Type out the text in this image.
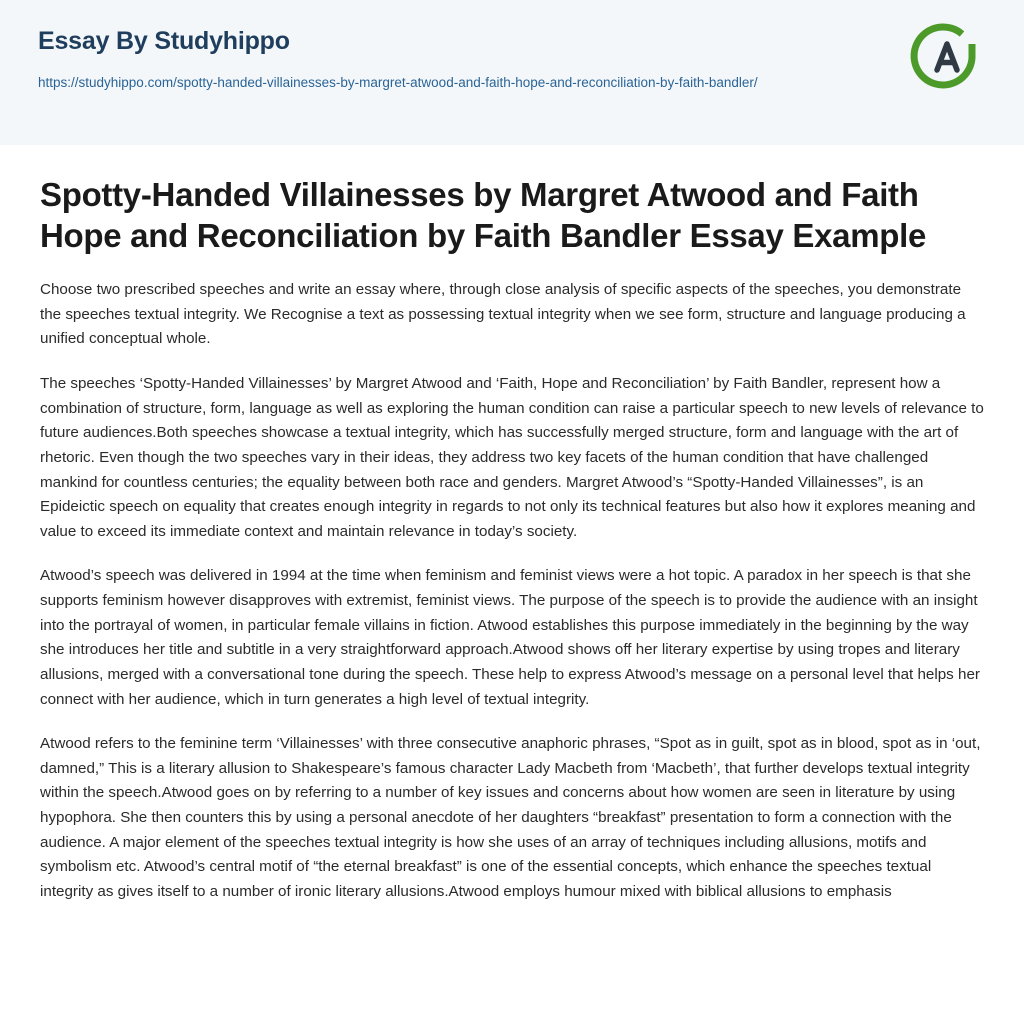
Essay By Studyhippo
https://studyhippo.com/spotty-handed-villainesses-by-margret-atwood-and-faith-hope-and-reconciliation-by-faith-bandler/
Spotty-Handed Villainesses by Margret Atwood and Faith Hope and Reconciliation by Faith Bandler Essay Example

Choose two prescribed speeches and write an essay where, through close analysis of specific aspects of the speeches, you demonstrate the speeches textual integrity. We Recognise a text as possessing textual integrity when we see form, structure and language producing a unified conceptual whole.

The speeches ‘Spotty-Handed Villainesses’ by Margret Atwood and ‘Faith, Hope and Reconciliation’ by Faith Bandler, represent how a combination of structure, form, language as well as exploring the human condition can raise a particular speech to new levels of relevance to future audiences.Both speeches showcase a textual integrity, which has successfully merged structure, form and language with the art of rhetoric. Even though the two speeches vary in their ideas, they address two key facets of the human condition that have challenged mankind for countless centuries; the equality between both race and genders. Margret Atwood’s “Spotty-Handed Villainesses”, is an Epideictic speech on equality that creates enough integrity in regards to not only its technical features but also how it explores meaning and value to exceed its immediate context and maintain relevance in today’s society.

Atwood’s speech was delivered in 1994 at the time when feminism and feminist views were a hot topic. A paradox in her speech is that she supports feminism however disapproves with extremist, feminist views. The purpose of the speech is to provide the audience with an insight into the portrayal of women, in particular female villains in fiction. Atwood establishes this purpose immediately in the beginning by the way she introduces her title and subtitle in a very straightforward approach.Atwood shows off her literary expertise by using tropes and literary allusions, merged with a conversational tone during the speech. These help to express Atwood’s message on a personal level that helps her connect with her audience, which in turn generates a high level of textual integrity.

Atwood refers to the feminine term ‘Villainesses’ with three consecutive anaphoric phrases, “Spot as in guilt, spot as in blood, spot as in ‘out, damned,” This is a literary allusion to Shakespeare’s famous character Lady Macbeth from ‘Macbeth’, that further develops textual integrity within the speech.Atwood goes on by referring to a number of key issues and concerns about how women are seen in literature by using hypophora. She then counters this by using a personal anecdote of her daughters “breakfast” presentation to form a connection with the audience. A major element of the speeches textual integrity is how she uses of an array of techniques including allusions, motifs and symbolism etc. Atwood’s central motif of “the eternal breakfast” is one of the essential concepts, which enhance the speeches textual integrity as gives itself to a number of ironic literary allusions.Atwood employs humour mixed with biblical allusions to emphasis
